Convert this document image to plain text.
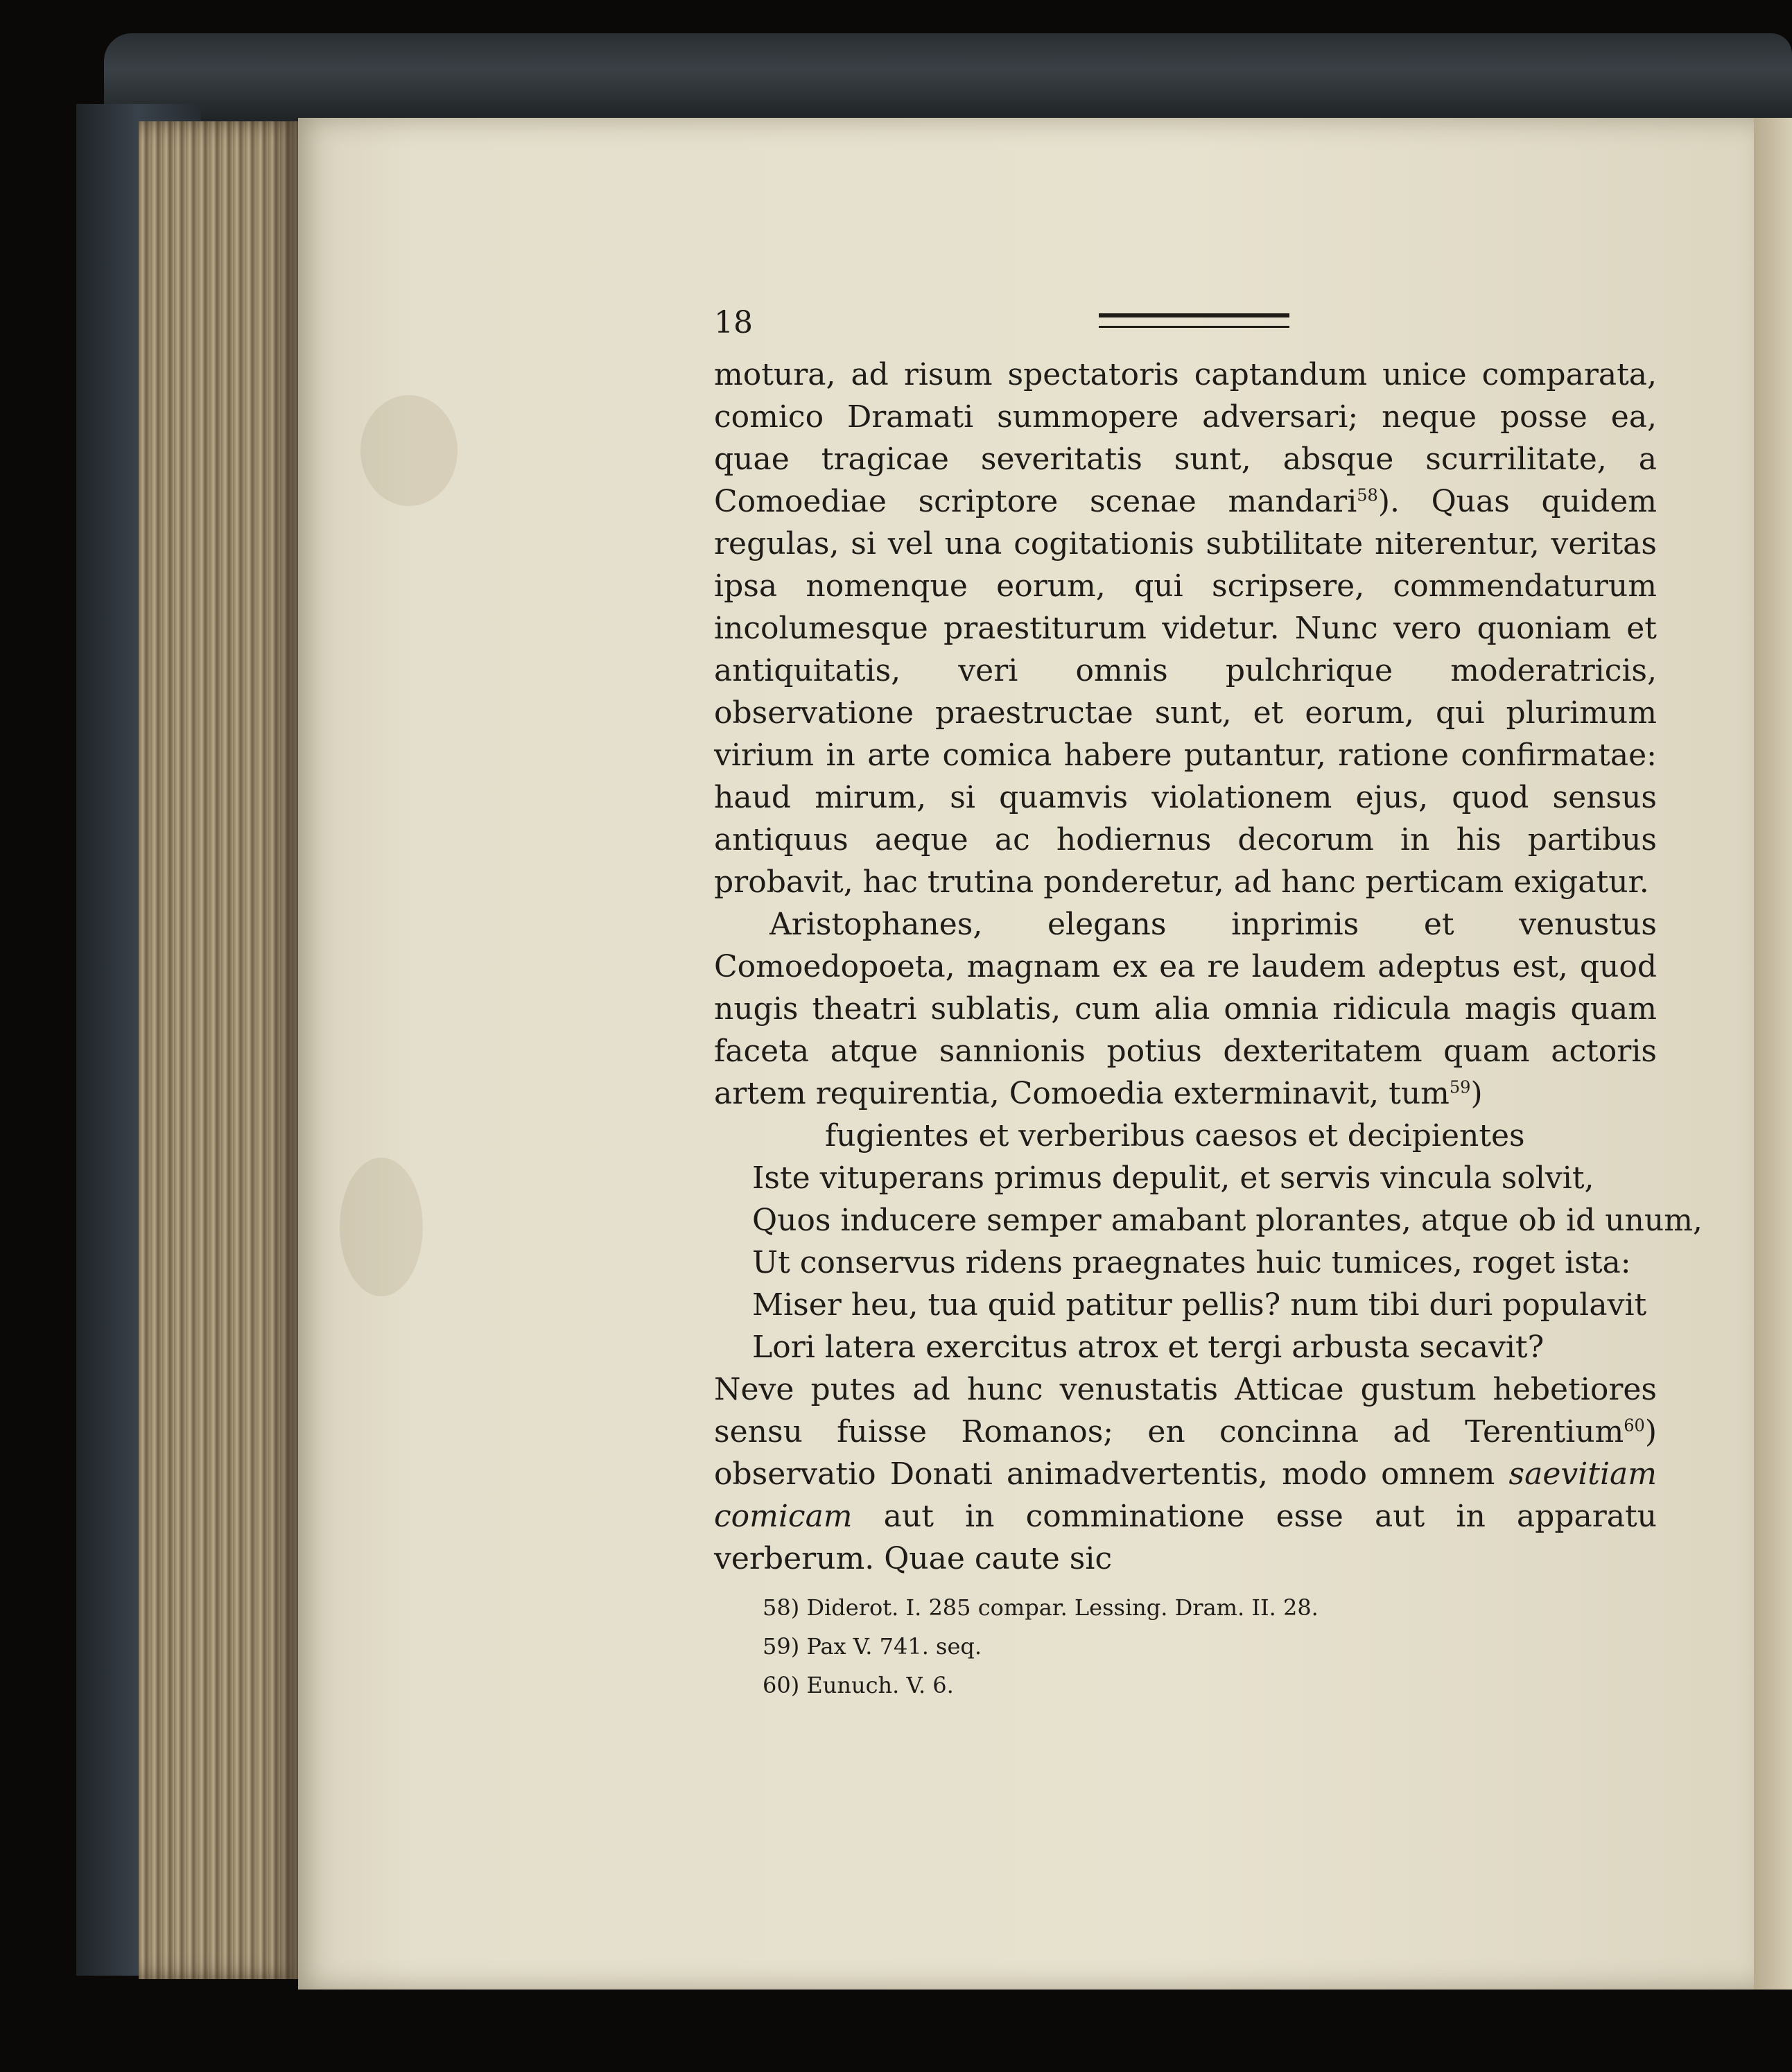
18

motura, ad risum spectatoris captandum unice comparata, comico Dramati summopere adversari; neque posse ea, quae tragicae severitatis sunt, absque scurrilitate, a Comoediae scriptore scenae mandari$^{58}$). Quas quidem regulas, si vel una cogitationis subtilitate niterentur, veritas ipsa nomenque eorum, qui scripsere, commendaturum incolumesque praestiturum videtur. Nunc vero quoniam et antiquitatis, veri omnis pulchrique moderatricis, observatione praestructae sunt, et eorum, qui plurimum virium in arte comica habere putantur, ratione confirmatae: haud mirum, si quamvis violationem ejus, quod sensus antiquus aeque ac hodiernus decorum in his partibus probavit, hac trutina ponderetur, ad hanc perticam exigatur.

Aristophanes, elegans inprimis et venustus Comoedopoeta, magnam ex ea re laudem adeptus est, quod nugis theatri sublatis, cum alia omnia ridicula magis quam faceta atque sannionis potius dexteritatem quam actoris artem requirentia, Comoedia exterminavit, tum$^{59}$)

fugientes et verberibus caesos et decipientes
Iste vituperans primus depulit, et servis vincula solvit,
Quos inducere semper amabant plorantes, atque ob id unum,
Ut conservus ridens praegnates huic tumices, roget ista:
Miser heu, tua quid patitur pellis? num tibi duri populavit
Lori latera exercitus atrox et tergi arbusta secavit?

Neve putes ad hunc venustatis Atticae gustum hebetiores sensu fuisse Romanos; en concinna ad Terentium$^{60}$) observatio Donati animadvertentis, modo omnem saevitiam comicam aut in comminatione esse aut in apparatu verberum. Quae caute sic

58) Diderot. I. 285 compar. Lessing. Dram. II. 28.
59) Pax V. 741. seq.
60) Eunuch. V. 6.
